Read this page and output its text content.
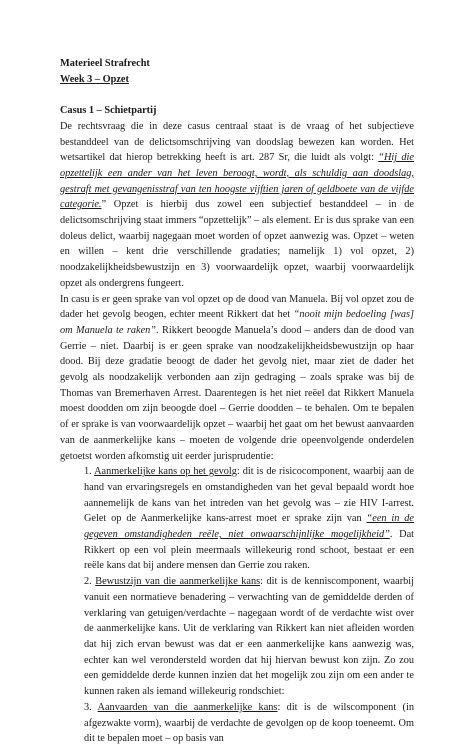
Materieel Strafrecht

Week 3 – Opzet

Casus 1 – Schietpartij

De rechtsvraag die in deze casus centraal staat is de vraag of het subjectieve bestanddeel van de delictsomschrijving van doodslag bewezen kan worden. Het wetsartikel dat hierop betrekking heeft is art. 287 Sr, die luidt als volgt: “Hij die opzettelijk een ander van het leven beroogt, wordt, als schuldig aan doodslag, gestraft met gevangenisstraf van ten hoogste vijftien jaren of geldboete van de vijfde categorie.” Opzet is hierbij dus zowel een subjectief bestanddeel – in de delictsomschrijving staat immers “opzettelijk” – als element. Er is dus sprake van een doleus delict, waarbij nagegaan moet worden of opzet aanwezig was. Opzet – weten en willen – kent drie verschillende gradaties; namelijk 1) vol opzet, 2) noodzakelijkheidsbewustzijn en 3) voorwaardelijk opzet, waarbij voorwaardelijk opzet als ondergrens fungeert.

In casu is er geen sprake van vol opzet op de dood van Manuela. Bij vol opzet zou de dader het gevolg beogen, echter meent Rikkert dat het “nooit mijn bedoeling [was] om Manuela te raken”. Rikkert beoogde Manuela’s dood – anders dan de dood van Gerrie – niet. Daarbij is er geen sprake van noodzakelijkheidsbewustzijn op haar dood. Bij deze gradatie beoogt de dader het gevolg niet, maar ziet de dader het gevolg als noodzakelijk verbonden aan zijn gedraging – zoals sprake was bij de Thomas van Bremerhaven Arrest. Daarentegen is het niet reëel dat Rikkert Manuela moest doodden om zijn beoogde doel – Gerrie doodden – te behalen. Om te bepalen of er sprake is van voorwaardelijk opzet – waarbij het gaat om het bewust aanvaarden van de aanmerkelijke kans – moeten de volgende drie opeenvolgende onderdelen getoetst worden afkomstig uit eerder jurisprudentie:

1. Aanmerkelijke kans op het gevolg: dit is de risicocomponent, waarbij aan de hand van ervaringsregels en omstandigheden van het geval bepaald wordt hoe aannemelijk de kans van het intreden van het gevolg was – zie HIV I-arrest. Gelet op de Aanmerkelijke kans-arrest moet er sprake zijn van “een in de gegeven omstandigheden reële, niet onwaarschijnlijke mogelijkheid”. Dat Rikkert op een vol plein meermaals willekeurig rond schoot, bestaat er een reële kans dat bij andere mensen dan Gerrie zou raken.
2. Bewustzijn van die aanmerkelijke kans: dit is de kenniscomponent, waarbij vanuit een normatieve benadering – verwachting van de gemiddelde derden of verklaring van getuigen/verdachte – nagegaan wordt of de verdachte wist over de aanmerkelijke kans. Uit de verklaring van Rikkert kan niet afleiden worden dat hij zich ervan bewust was dat er een aanmerkelijke kans aanwezig was, echter kan wel verondersteld worden dat hij hiervan bewust kon zijn. Zo zou een gemiddelde derde kunnen inzien dat het mogelijk zou zijn om een ander te kunnen raken als iemand willekeurig rondschiet:
3. Aanvaarden van die aanmerkelijke kans: dit is de wilscomponent (in afgezwakte vorm), waarbij de verdachte de gevolgen op de koop toeneemt. Om dit te bepalen moet – op basis van
